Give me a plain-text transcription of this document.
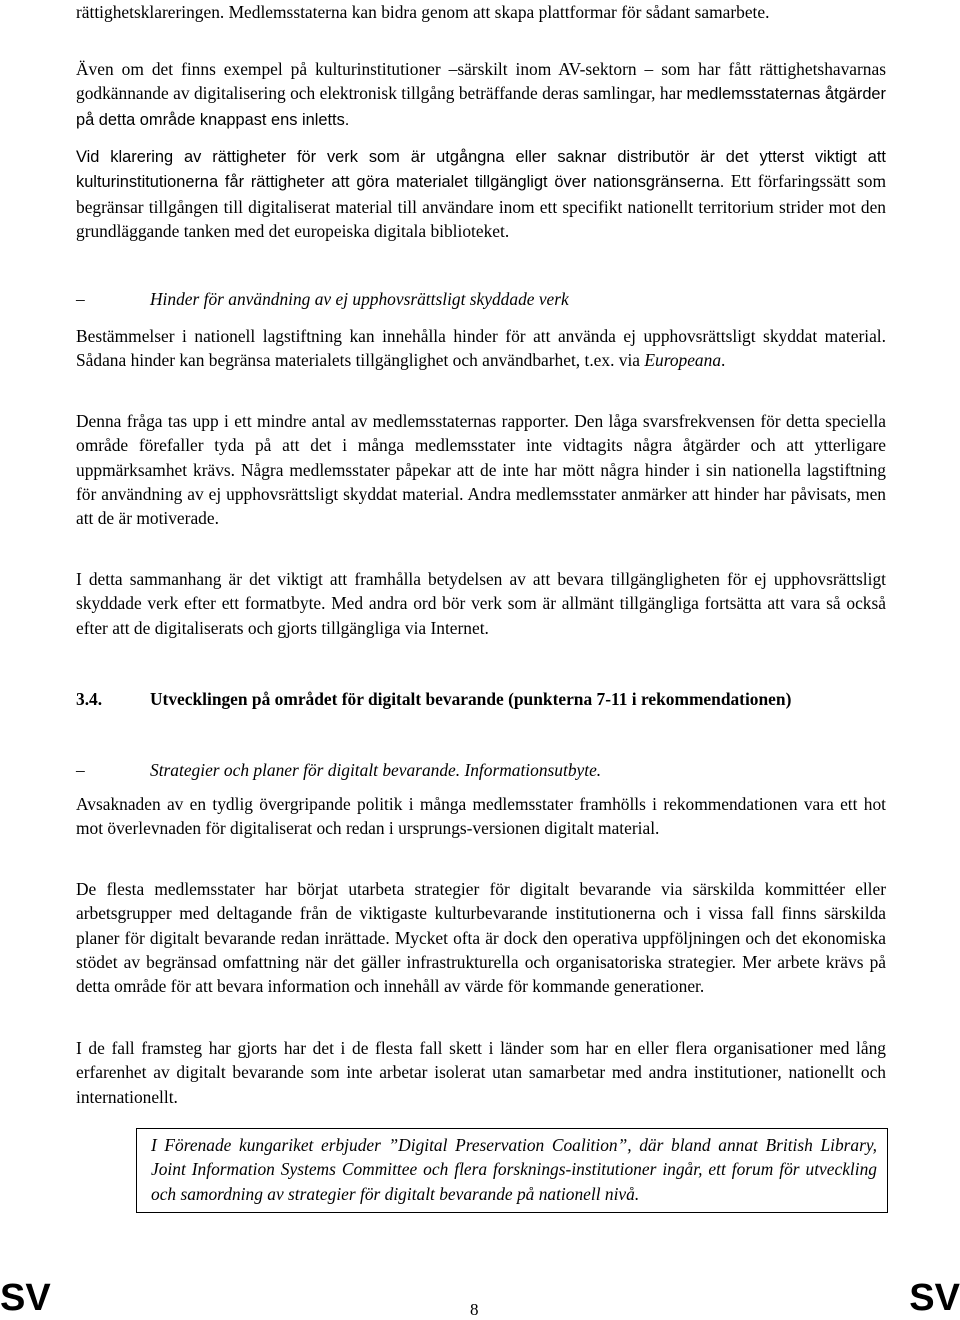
rättighetsklareringen. Medlemsstaterna kan bidra genom att skapa plattformar för sådant samarbete.

Även om det finns exempel på kulturinstitutioner –särskilt inom AV-sektorn – som har fått rättighetshavarnas godkännande av digitalisering och elektronisk tillgång beträffande deras samlingar, har medlemsstaternas åtgärder på detta område knappast ens inletts.

Vid klarering av rättigheter för verk som är utgångna eller saknar distributör är det ytterst viktigt att kulturinstitutionerna får rättigheter att göra materialet tillgängligt över nationsgränserna. Ett förfaringssätt som begränsar tillgången till digitaliserat material till användare inom ett specifikt nationellt territorium strider mot den grundläggande tanken med det europeiska digitala biblioteket.

–	Hinder för användning av ej upphovsrättsligt skyddade verk

Bestämmelser i nationell lagstiftning kan innehålla hinder för att använda ej upphovsrättsligt skyddat material. Sådana hinder kan begränsa materialets tillgänglighet och användbarhet, t.ex. via Europeana.

Denna fråga tas upp i ett mindre antal av medlemsstaternas rapporter. Den låga svarsfrekvensen för detta speciella område förefaller tyda på att det i många medlemsstater inte vidtagits några åtgärder och att ytterligare uppmärksamhet krävs. Några medlemsstater påpekar att de inte har mött några hinder i sin nationella lagstiftning för användning av ej upphovsrättsligt skyddat material. Andra medlemsstater anmärker att hinder har påvisats, men att de är motiverade.

I detta sammanhang är det viktigt att framhålla betydelsen av att bevara tillgängligheten för ej upphovsrättsligt skyddade verk efter ett formatbyte. Med andra ord bör verk som är allmänt tillgängliga fortsätta att vara så också efter att de digitaliserats och gjorts tillgängliga via Internet.

3.4.	Utvecklingen på området för digitalt bevarande (punkterna 7-11 i rekommendationen)
–	Strategier och planer för digitalt bevarande. Informationsutbyte.

Avsaknaden av en tydlig övergripande politik i många medlemsstater framhölls i rekommendationen vara ett hot mot överlevnaden för digitaliserat och redan i ursprungs-versionen digitalt material.

De flesta medlemsstater har börjat utarbeta strategier för digitalt bevarande via särskilda kommittéer eller arbetsgrupper med deltagande från de viktigaste kulturbevarande institutionerna och i vissa fall finns särskilda planer för digitalt bevarande redan inrättade. Mycket ofta är dock den operativa uppföljningen och det ekonomiska stödet av begränsad omfattning när det gäller infrastrukturella och organisatoriska strategier. Mer arbete krävs på detta område för att bevara information och innehåll av värde för kommande generationer.

I de fall framsteg har gjorts har det i de flesta fall skett i länder som har en eller flera organisationer med lång erfarenhet av digitalt bevarande som inte arbetar isolerat utan samarbetar med andra institutioner, nationellt och internationellt.

I Förenade kungariket erbjuder ”Digital Preservation Coalition”, där bland annat British Library, Joint Information Systems Committee och flera forsknings-institutioner ingår, ett forum för utveckling och samordning av strategier för digitalt bevarande på nationell nivå.

SV	8	SV
